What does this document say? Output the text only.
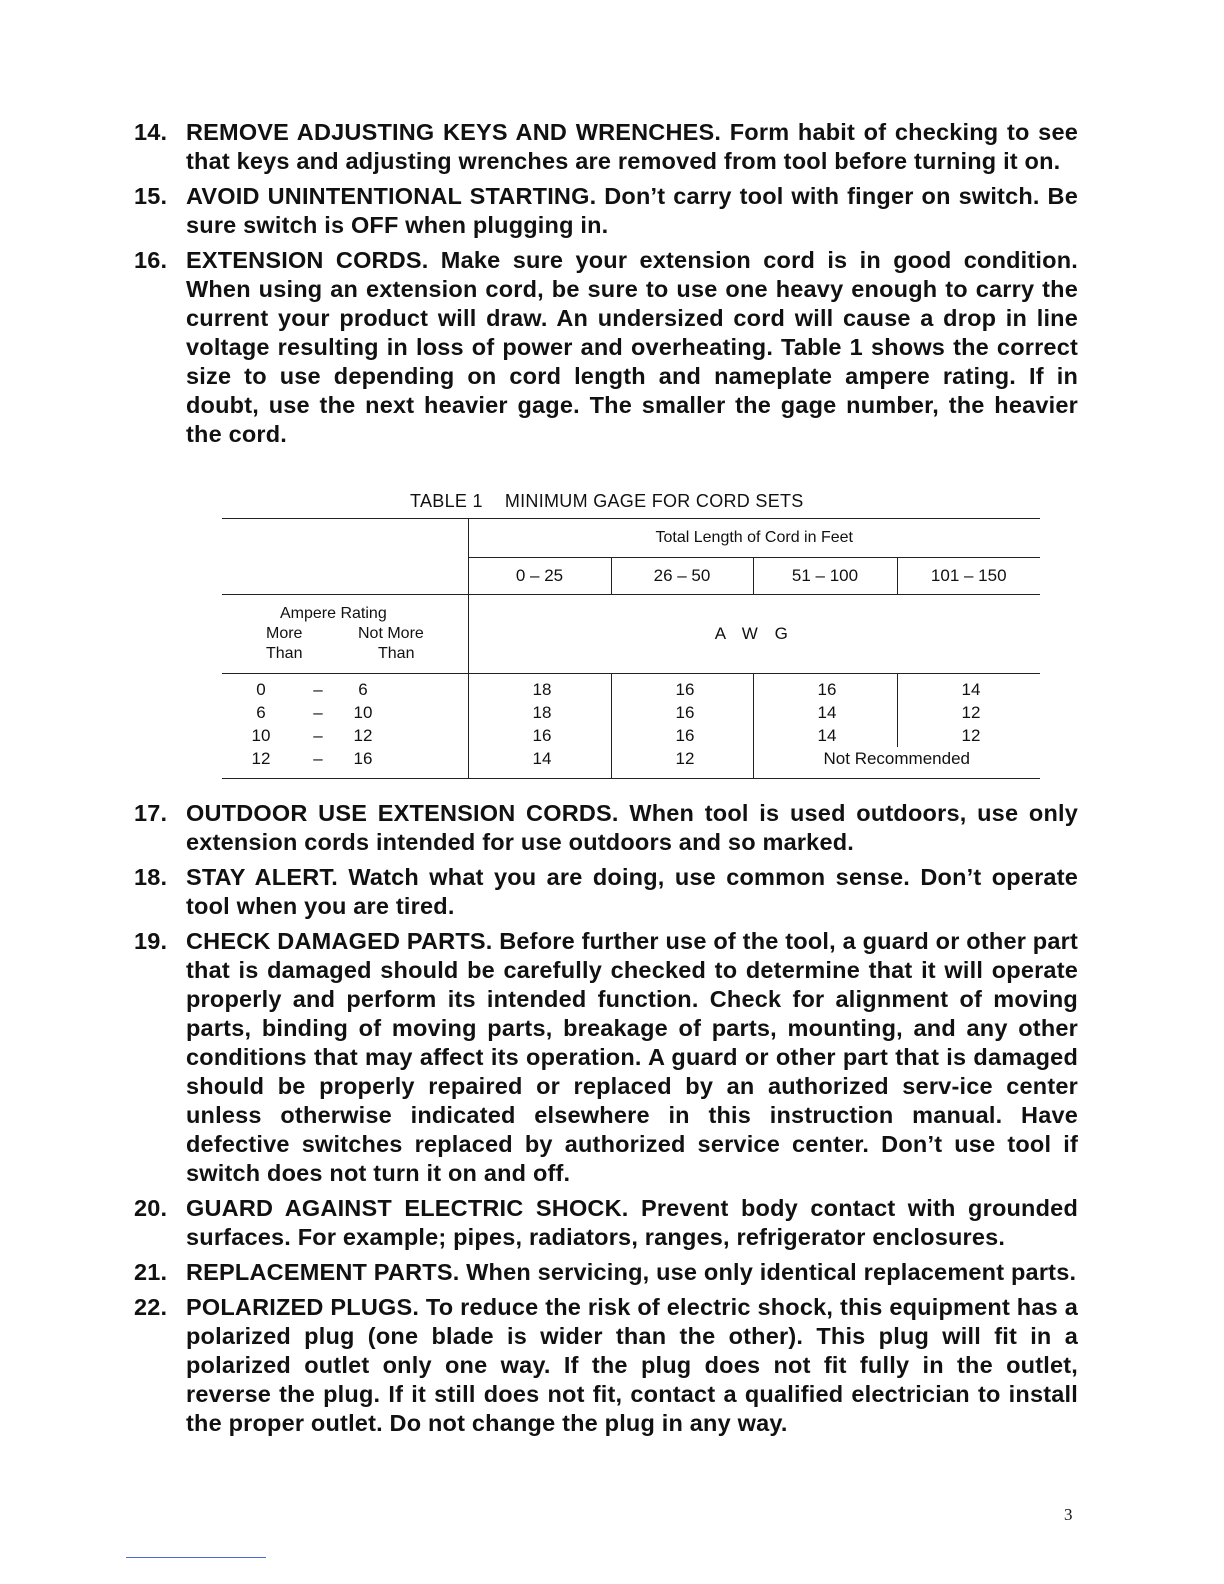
14. REMOVE ADJUSTING KEYS AND WRENCHES. Form habit of checking to see that keys and adjusting wrenches are removed from tool before turning it on.
15. AVOID UNINTENTIONAL STARTING. Don’t carry tool with finger on switch. Be sure switch is OFF when plugging in.
16. EXTENSION CORDS. Make sure your extension cord is in good condition. When using an extension cord, be sure to use one heavy enough to carry the current your product will draw. An undersized cord will cause a drop in line voltage resulting in loss of power and overheating. Table 1 shows the correct size to use depending on cord length and nameplate ampere rating. If in doubt, use the next heavier gage. The smaller the gage number, the heavier the cord.
TABLE 1 MINIMUM GAGE FOR CORD SETS
	Total Length of Cord in Feet			
	0 – 25	26 – 50	51 – 100	101 – 150

Ampere Rating
More Not More
Than Than	A W G			

0 – 6	18	16	16	14

6 – 10	18	16	14	12

10 – 12	16	16	14	12

12 – 16	14	12	Not Recommended	
17. OUTDOOR USE EXTENSION CORDS. When tool is used outdoors, use only extension cords intended for use outdoors and so marked.
18. STAY ALERT. Watch what you are doing, use common sense. Don’t operate tool when you are tired.
19. CHECK DAMAGED PARTS. Before further use of the tool, a guard or other part that is damaged should be carefully checked to determine that it will operate properly and perform its intended function. Check for alignment of moving parts, binding of moving parts, breakage of parts, mounting, and any other conditions that may affect its operation. A guard or other part that is damaged should be properly repaired or replaced by an authorized serv-ice center unless otherwise indicated elsewhere in this instruction manual. Have defective switches replaced by authorized service center. Don’t use tool if switch does not turn it on and off.
20. GUARD AGAINST ELECTRIC SHOCK. Prevent body contact with grounded surfaces. For example; pipes, radiators, ranges, refrigerator enclosures.
21. REPLACEMENT PARTS. When servicing, use only identical replacement parts.
22. POLARIZED PLUGS. To reduce the risk of electric shock, this equipment has a polarized plug (one blade is wider than the other). This plug will fit in a polarized outlet only one way. If the plug does not fit fully in the outlet, reverse the plug. If it still does not fit, contact a qualified electrician to install the proper outlet. Do not change the plug in any way.
3
